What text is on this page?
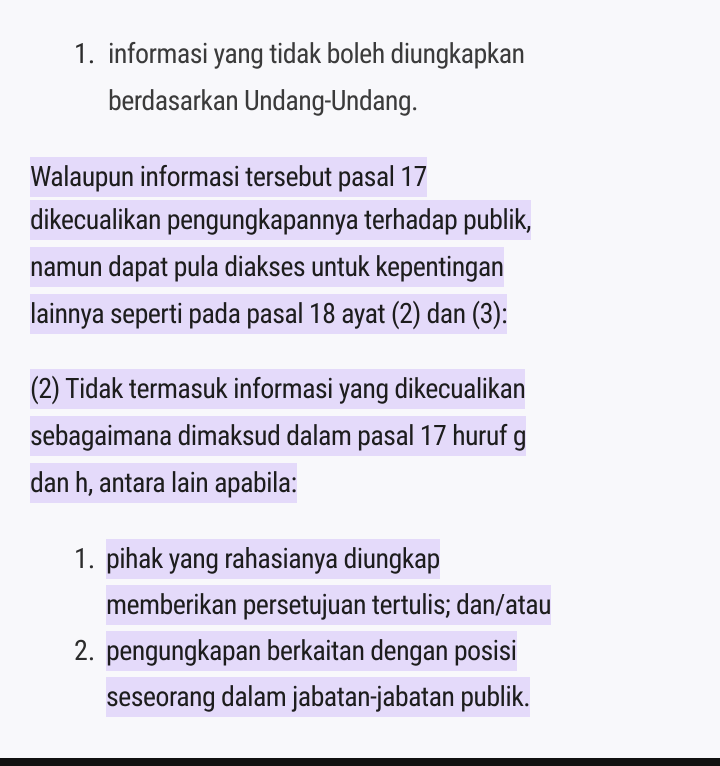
1. informasi yang tidak boleh diungkapkan
berdasarkan Undang-Undang.
Walaupun informasi tersebut pasal 17
dikecualikan pengungkapannya terhadap publik,
namun dapat pula diakses untuk kepentingan
lainnya seperti pada pasal 18 ayat (2) dan (3):
(2) Tidak termasuk informasi yang dikecualikan
sebagaimana dimaksud dalam pasal 17 huruf g
dan h, antara lain apabila:
1. pihak yang rahasianya diungkap
memberikan persetujuan tertulis; dan/atau
2. pengungkapan berkaitan dengan posisi
seseorang dalam jabatan-jabatan publik.
